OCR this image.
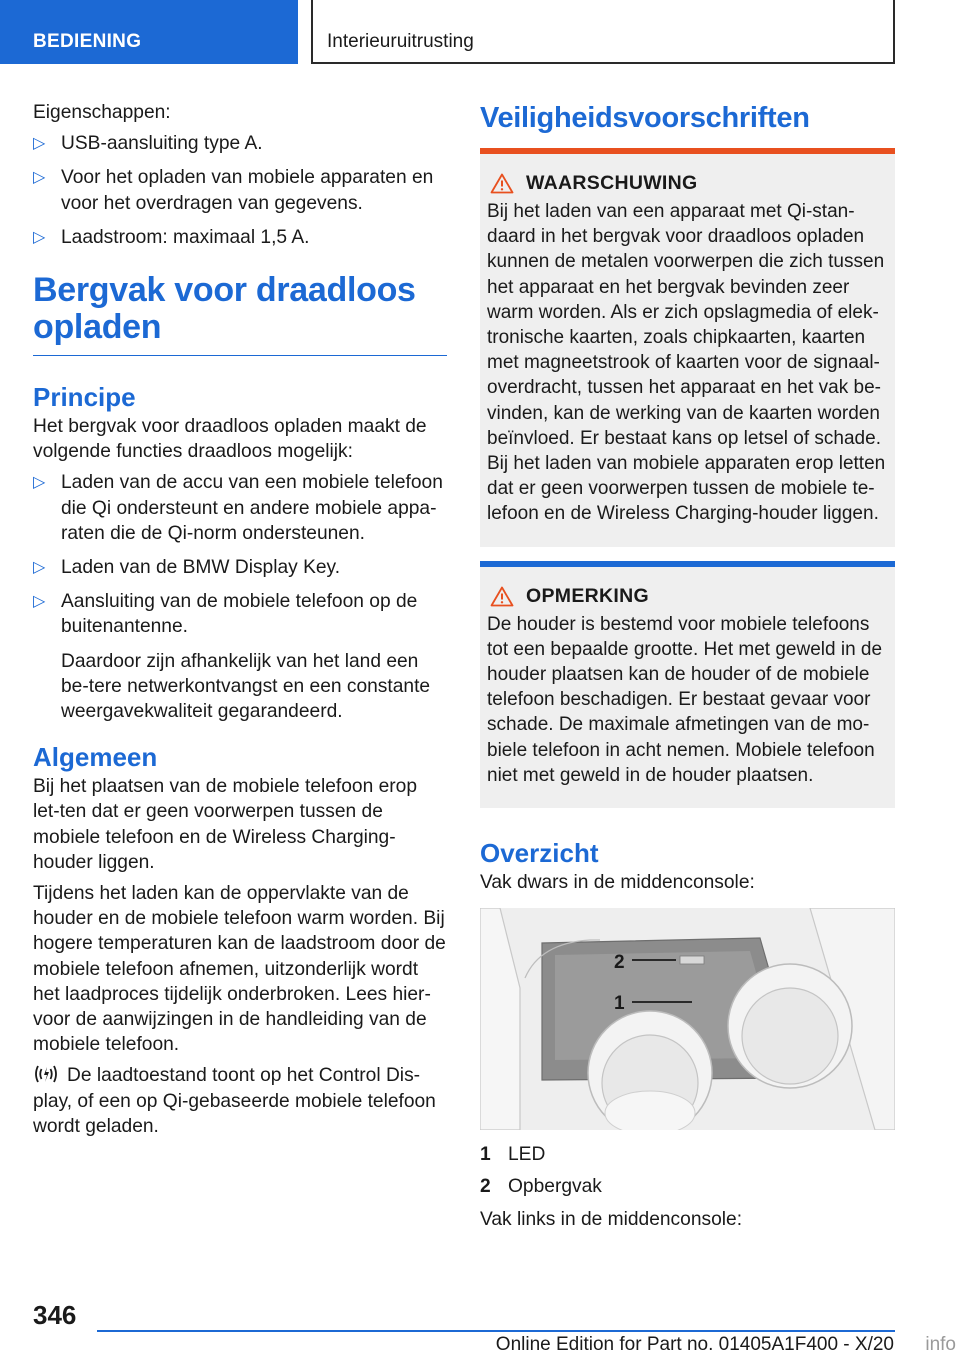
BEDIENING	Interieuruitrusting

Eigenschappen:

▷ USB-aansluiting type A.
▷ Voor het opladen van mobiele apparaten en voor het overdragen van gegevens.
▷ Laadstroom: maximaal 1,5 A.
Bergvak voor draadloos opladen
Principe

Het bergvak voor draadloos opladen maakt de volgende functies draadloos mogelijk:

▷ Laden van de accu van een mobiele telefoon die Qi ondersteunt en andere mobiele appa-raten die de Qi-norm ondersteunen.
▷ Laden van de BMW Display Key.
▷ Aansluiting van de mobiele telefoon op de buitenantenne.
Daardoor zijn afhankelijk van het land een be-tere netwerkontvangst en een constante weergavekwaliteit gegarandeerd.
Algemeen

Bij het plaatsen van de mobiele telefoon erop let-ten dat er geen voorwerpen tussen de mobiele telefoon en de Wireless Charging-houder liggen.

Tijdens het laden kan de oppervlakte van de houder en de mobiele telefoon warm worden. Bij hogere temperaturen kan de laadstroom door de mobiele telefoon afnemen, uitzonderlijk wordt het laadproces tijdelijk onderbroken. Lees hier-voor de aanwijzingen in de handleiding van de mobiele telefoon.

De laadtoestand toont op het Control Dis-play, of een op Qi-gebaseerde mobiele telefoon wordt geladen.

Veiligheidsvoorschriften
WAARSCHUWING

Bij het laden van een apparaat met Qi-stan-daard in het bergvak voor draadloos opladen kunnen de metalen voorwerpen die zich tussen het apparaat en het bergvak bevinden zeer warm worden. Als er zich opslagmedia of elek-tronische kaarten, zoals chipkaarten, kaarten met magneetstrook of kaarten voor de signaal-overdracht, tussen het apparaat en het vak be-vinden, kan de werking van de kaarten worden beïnvloed. Er bestaat kans op letsel of schade. Bij het laden van mobiele apparaten erop letten dat er geen voorwerpen tussen de mobiele te-lefoon en de Wireless Charging-houder liggen.

OPMERKING

De houder is bestemd voor mobiele telefoons tot een bepaalde grootte. Het met geweld in de houder plaatsen kan de houder of de mobiele telefoon beschadigen. Er bestaat gevaar voor schade. De maximale afmetingen van de mo-biele telefoon in acht nemen. Mobiele telefoon niet met geweld in de houder plaatsen.

Overzicht

Vak dwars in de middenconsole:

2
1
1 LED
2 Opbergvak

Vak links in de middenconsole:

346
Online Edition for Part no. 01405A1F400 - X/20 info
